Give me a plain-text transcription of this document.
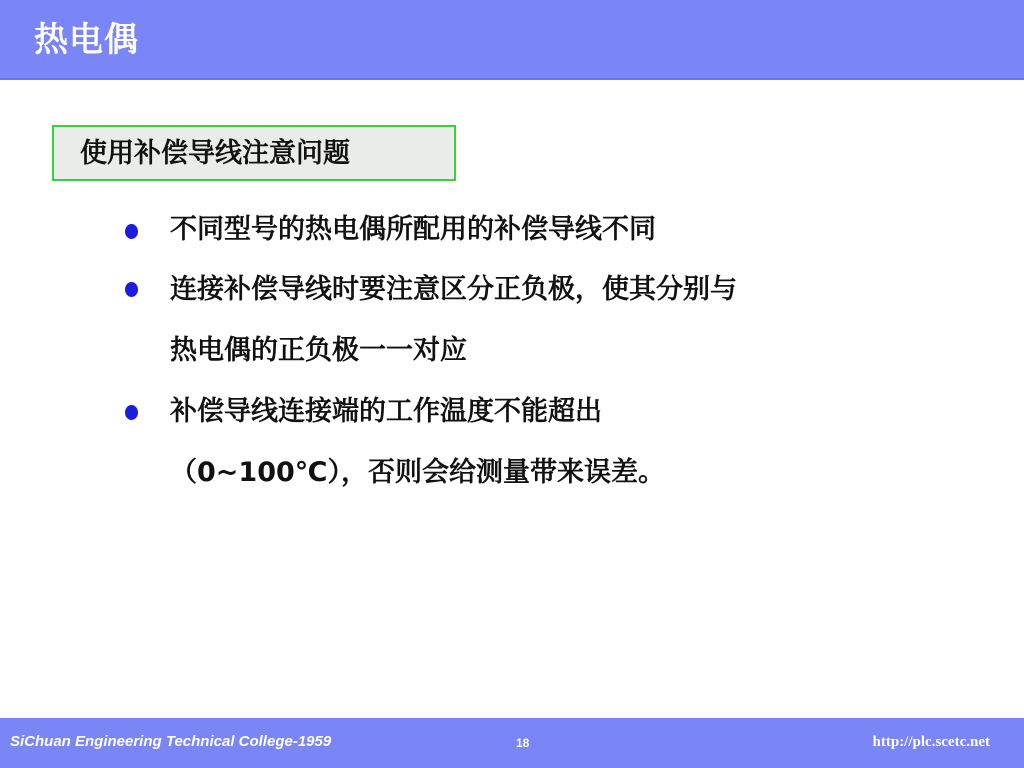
热电偶
使用补偿导线注意问题
不同型号的热电偶所配用的补偿导线不同
连接补偿导线时要注意区分正负极，使其分别与
热电偶的正负极一一对应
补偿导线连接端的工作温度不能超出
（0~100℃），否则会给测量带来误差。
SiChuan Engineering Technical College-1959	18	http://plc.scetc.net
